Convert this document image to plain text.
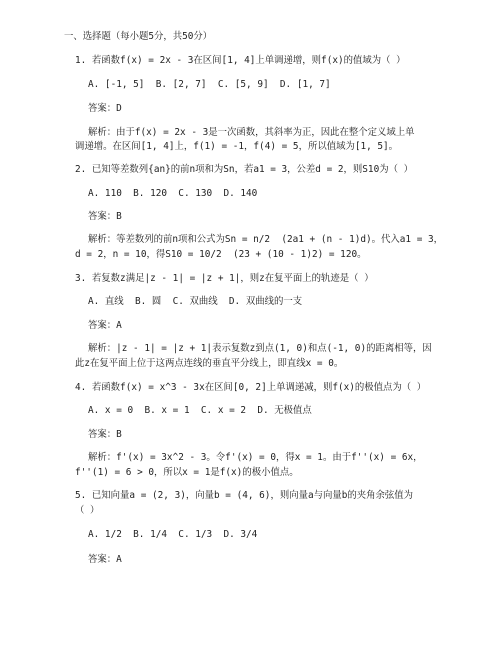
一、选择题（每小题5分，共50分）
1. 若函数f(x) = 2x - 3在区间[1, 4]上单调递增，则f(x)的值域为（ ）
A. [-1, 5]  B. [2, 7]  C. [5, 9]  D. [1, 7]
答案：D
解析：由于f(x) = 2x - 3是一次函数，其斜率为正，因此在整个定义域上单
调递增。在区间[1, 4]上，f(1) = -1，f(4) = 5，所以值域为[1, 5]。
2. 已知等差数列{an}的前n项和为Sn，若a1 = 3，公差d = 2，则S10为（ ）
A. 110  B. 120  C. 130  D. 140
答案：B
解析：等差数列的前n项和公式为Sn = n/2  (2a1 + (n - 1)d)。代入a1 = 3，
d = 2，n = 10，得S10 = 10/2  (23 + (10 - 1)2) = 120。
3. 若复数z满足|z - 1| = |z + 1|，则z在复平面上的轨迹是（ ）
A. 直线  B. 圆  C. 双曲线  D. 双曲线的一支
答案：A
解析：|z - 1| = |z + 1|表示复数z到点(1, 0)和点(-1, 0)的距离相等，因
此z在复平面上位于这两点连线的垂直平分线上，即直线x = 0。
4. 若函数f(x) = x^3 - 3x在区间[0, 2]上单调递减，则f(x)的极值点为（ ）
A. x = 0  B. x = 1  C. x = 2  D. 无极值点
答案：B
解析：f'(x) = 3x^2 - 3。令f'(x) = 0，得x = 1。由于f''(x) = 6x，
f''(1) = 6 > 0，所以x = 1是f(x)的极小值点。
5. 已知向量a = (2, 3)，向量b = (4, 6)，则向量a与向量b的夹角余弦值为
（ ）
A. 1/2  B. 1/4  C. 1/3  D. 3/4
答案：A
